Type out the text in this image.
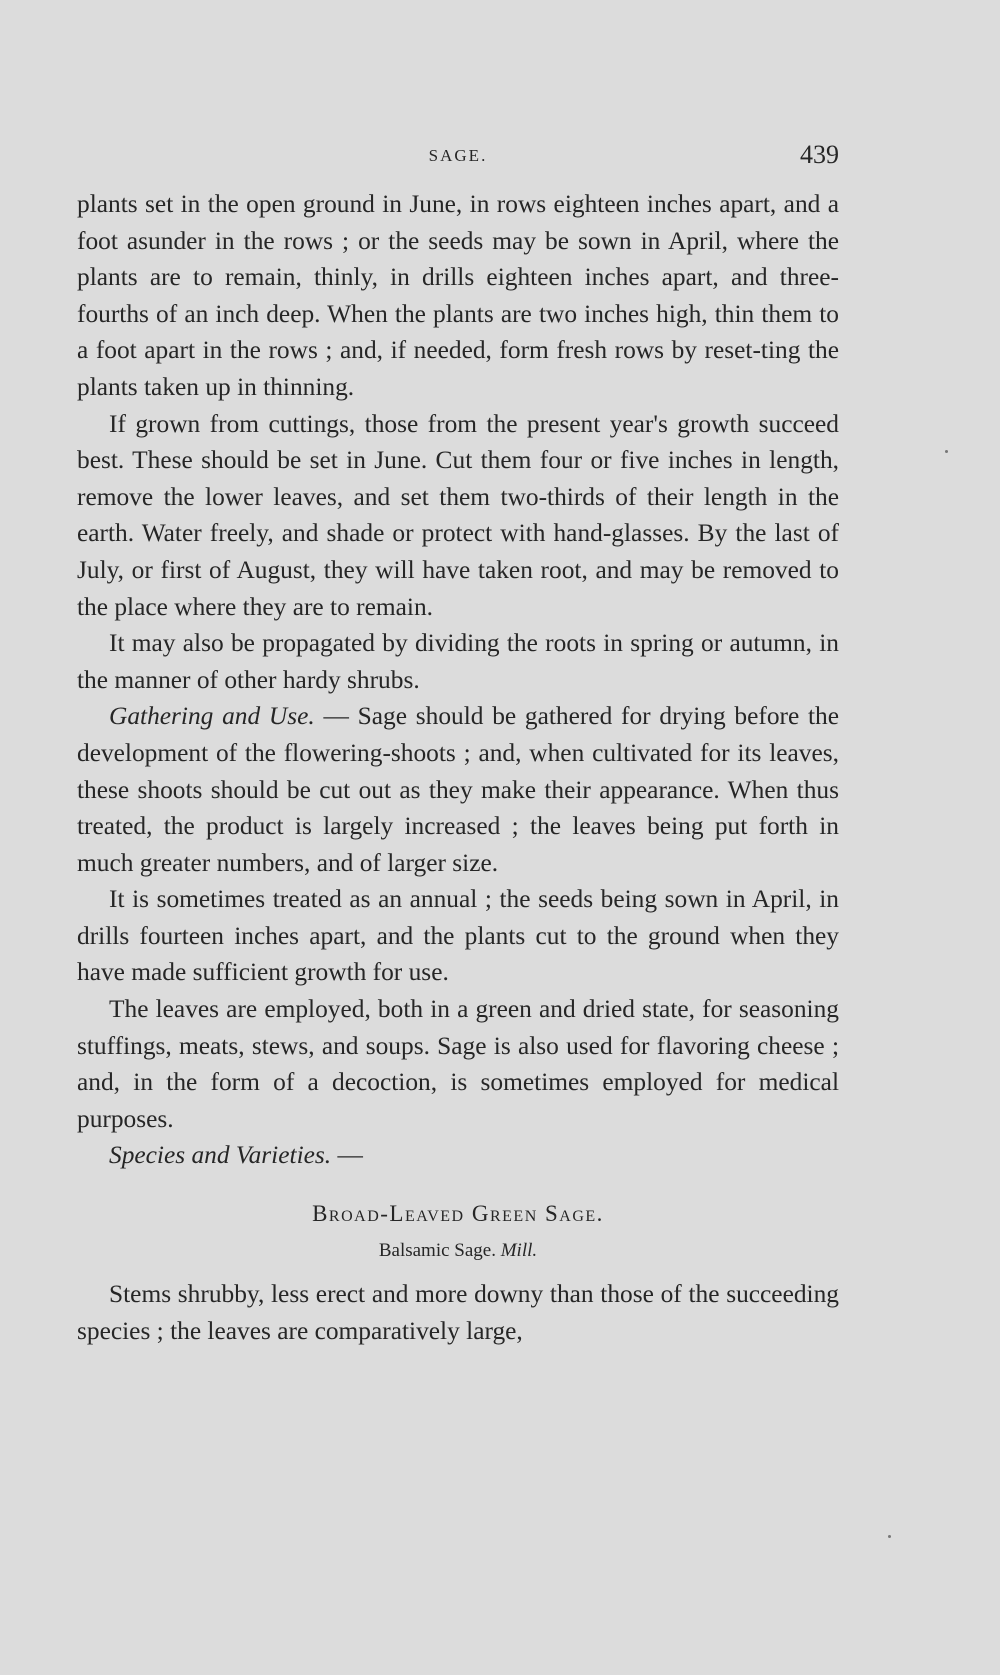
SAGE.	439

plants set in the open ground in June, in rows eighteen inches apart, and a foot asunder in the rows ; or the seeds may be sown in April, where the plants are to remain, thinly, in drills eighteen inches apart, and three-fourths of an inch deep. When the plants are two inches high, thin them to a foot apart in the rows ; and, if needed, form fresh rows by reset-ting the plants taken up in thinning.

If grown from cuttings, those from the present year's growth succeed best. These should be set in June. Cut them four or five inches in length, remove the lower leaves, and set them two-thirds of their length in the earth. Water freely, and shade or protect with hand-glasses. By the last of July, or first of August, they will have taken root, and may be removed to the place where they are to remain.

It may also be propagated by dividing the roots in spring or autumn, in the manner of other hardy shrubs.

Gathering and Use. — Sage should be gathered for drying before the development of the flowering-shoots ; and, when cultivated for its leaves, these shoots should be cut out as they make their appearance. When thus treated, the product is largely increased ; the leaves being put forth in much greater numbers, and of larger size.

It is sometimes treated as an annual ; the seeds being sown in April, in drills fourteen inches apart, and the plants cut to the ground when they have made sufficient growth for use.

The leaves are employed, both in a green and dried state, for seasoning stuffings, meats, stews, and soups. Sage is also used for flavoring cheese ; and, in the form of a decoction, is sometimes employed for medical purposes.

Species and Varieties. —

Broad-Leaved Green Sage.
Balsamic Sage. Mill.

Stems shrubby, less erect and more downy than those of the succeeding species ; the leaves are comparatively large,
